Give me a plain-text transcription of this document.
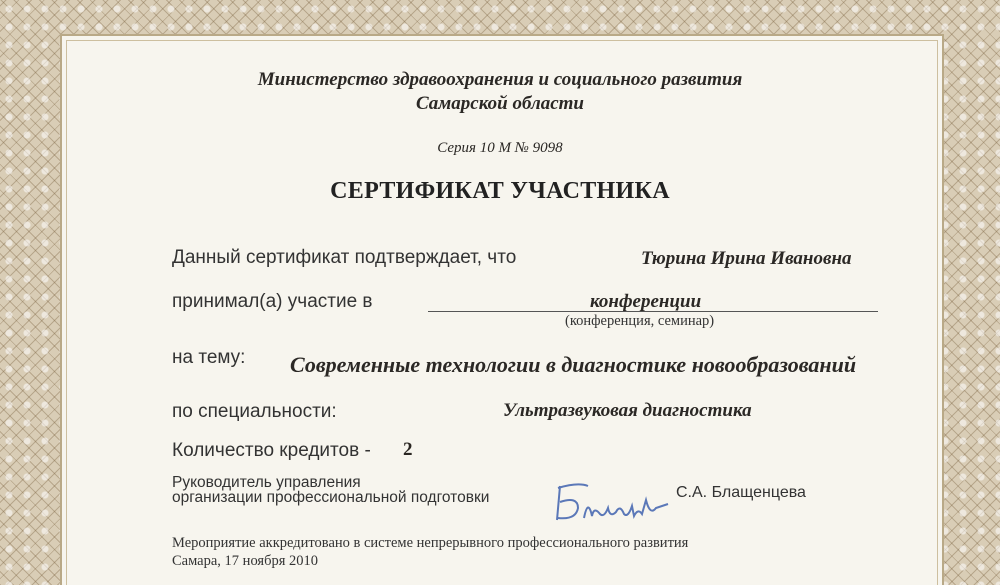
Министерство здравоохранения и социального развития
Самарской области
Серия 10 М № 9098
СЕРТИФИКАТ УЧАСТНИКА
Данный сертификат подтверждает, что	Тюрина Ирина Ивановна
принимал(а) участие в	конференции
(конференция, семинар)
на тему: Современные технологии в диагностике новообразований
по специальности:	Ультразвуковая диагностика
Количество кредитов - 2
Руководитель управления
организации профессиональной подготовки	С.А. Блащенцева
Мероприятие аккредитовано в системе непрерывного профессионального развития
Самара, 17 ноября 2010
